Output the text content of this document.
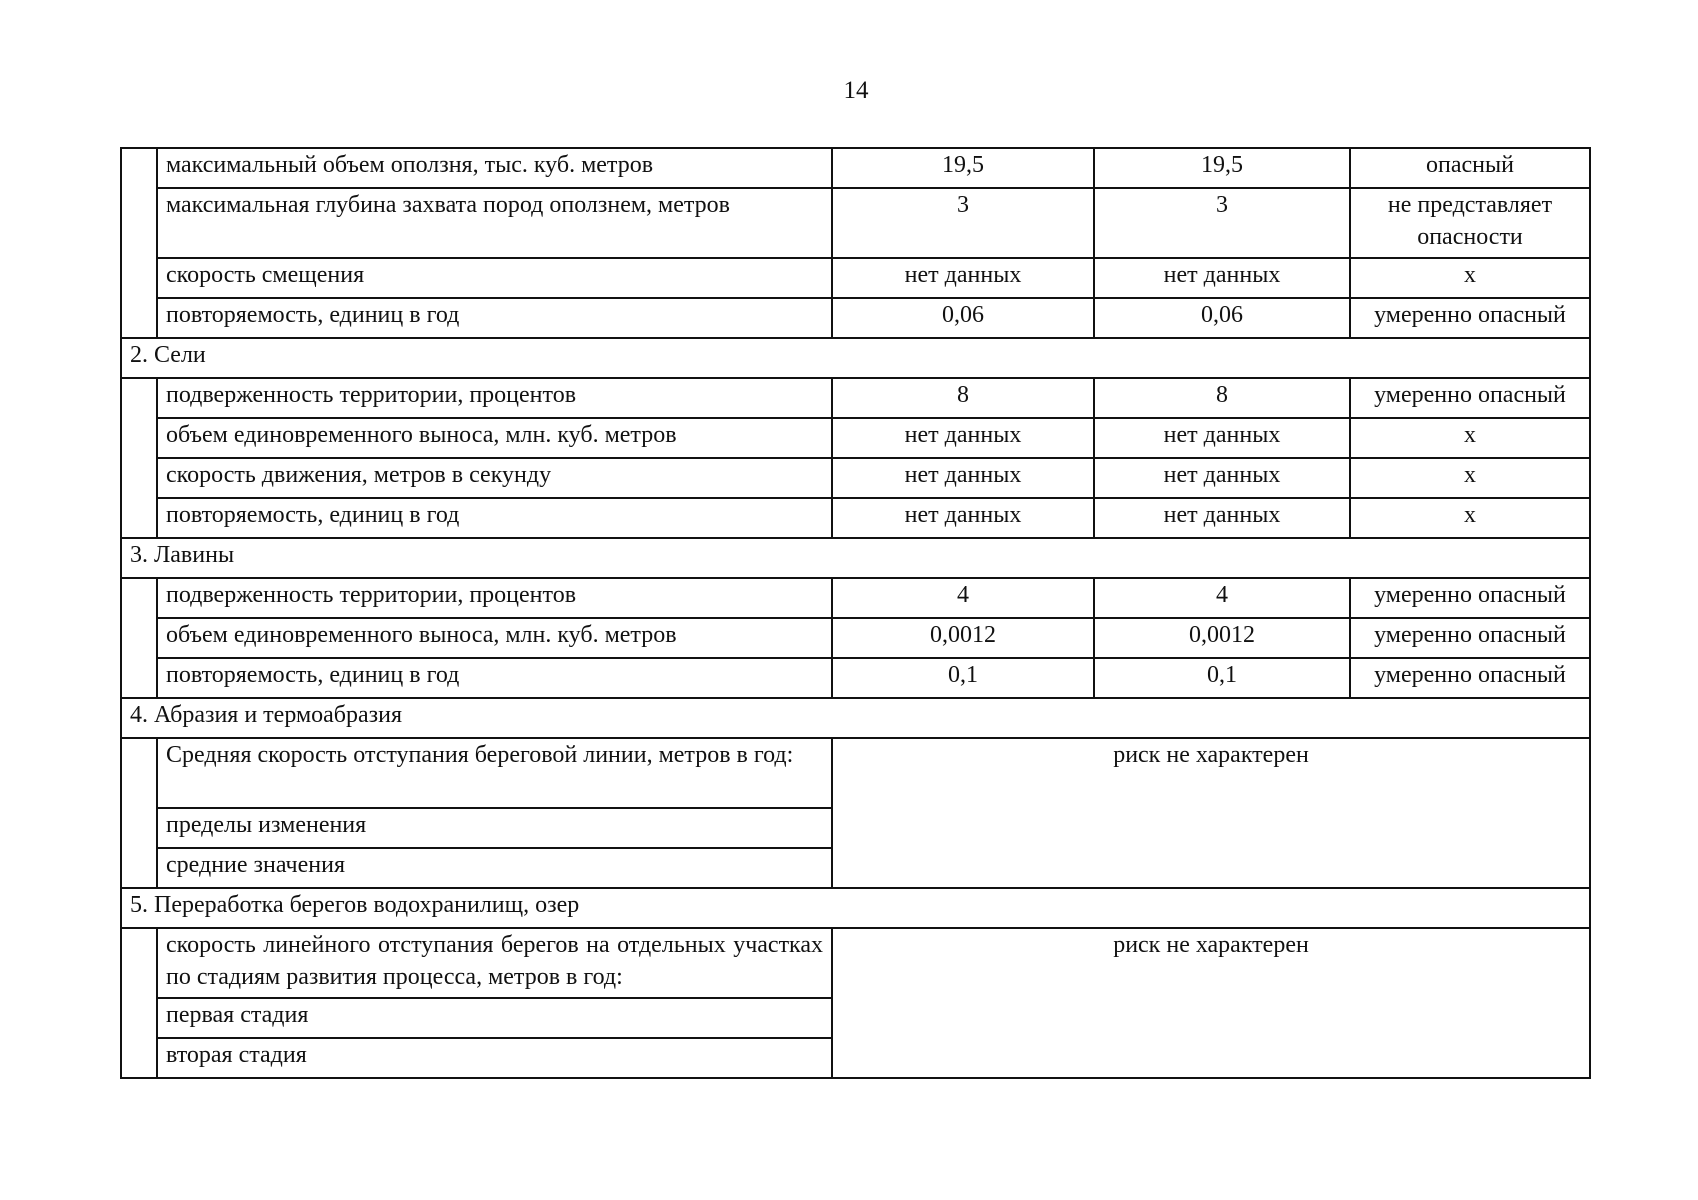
14
	максимальный объем оползня, тыс. куб. метров	19,5	19,5	опасный
	максимальная глубина захвата пород оползнем, метров	3	3	не представляет опасности
	скорость смещения	нет данных	нет данных	х
	повторяемость, единиц в год	0,06	0,06	умеренно опасный
2. Сели				
	подверженность территории, процентов	8	8	умеренно опасный
	объем единовременного выноса, млн. куб. метров	нет данных	нет данных	х
	скорость движения, метров в секунду	нет данных	нет данных	х
	повторяемость, единиц в год	нет данных	нет данных	х
3. Лавины				
	подверженность территории, процентов	4	4	умеренно опасный
	объем единовременного выноса, млн. куб. метров	0,0012	0,0012	умеренно опасный
	повторяемость, единиц в год	0,1	0,1	умеренно опасный
4. Абразия и термоабразия				
	Средняя скорость отступания береговой линии, метров в год:	риск не характерен		
	пределы изменения			
	средние значения			
5. Переработка берегов водохранилищ, озер				
	скорость линейного отступания берегов на отдельных участках по стадиям развития процесса, метров в год:	риск не характерен		
	первая стадия			
	вторая стадия			
